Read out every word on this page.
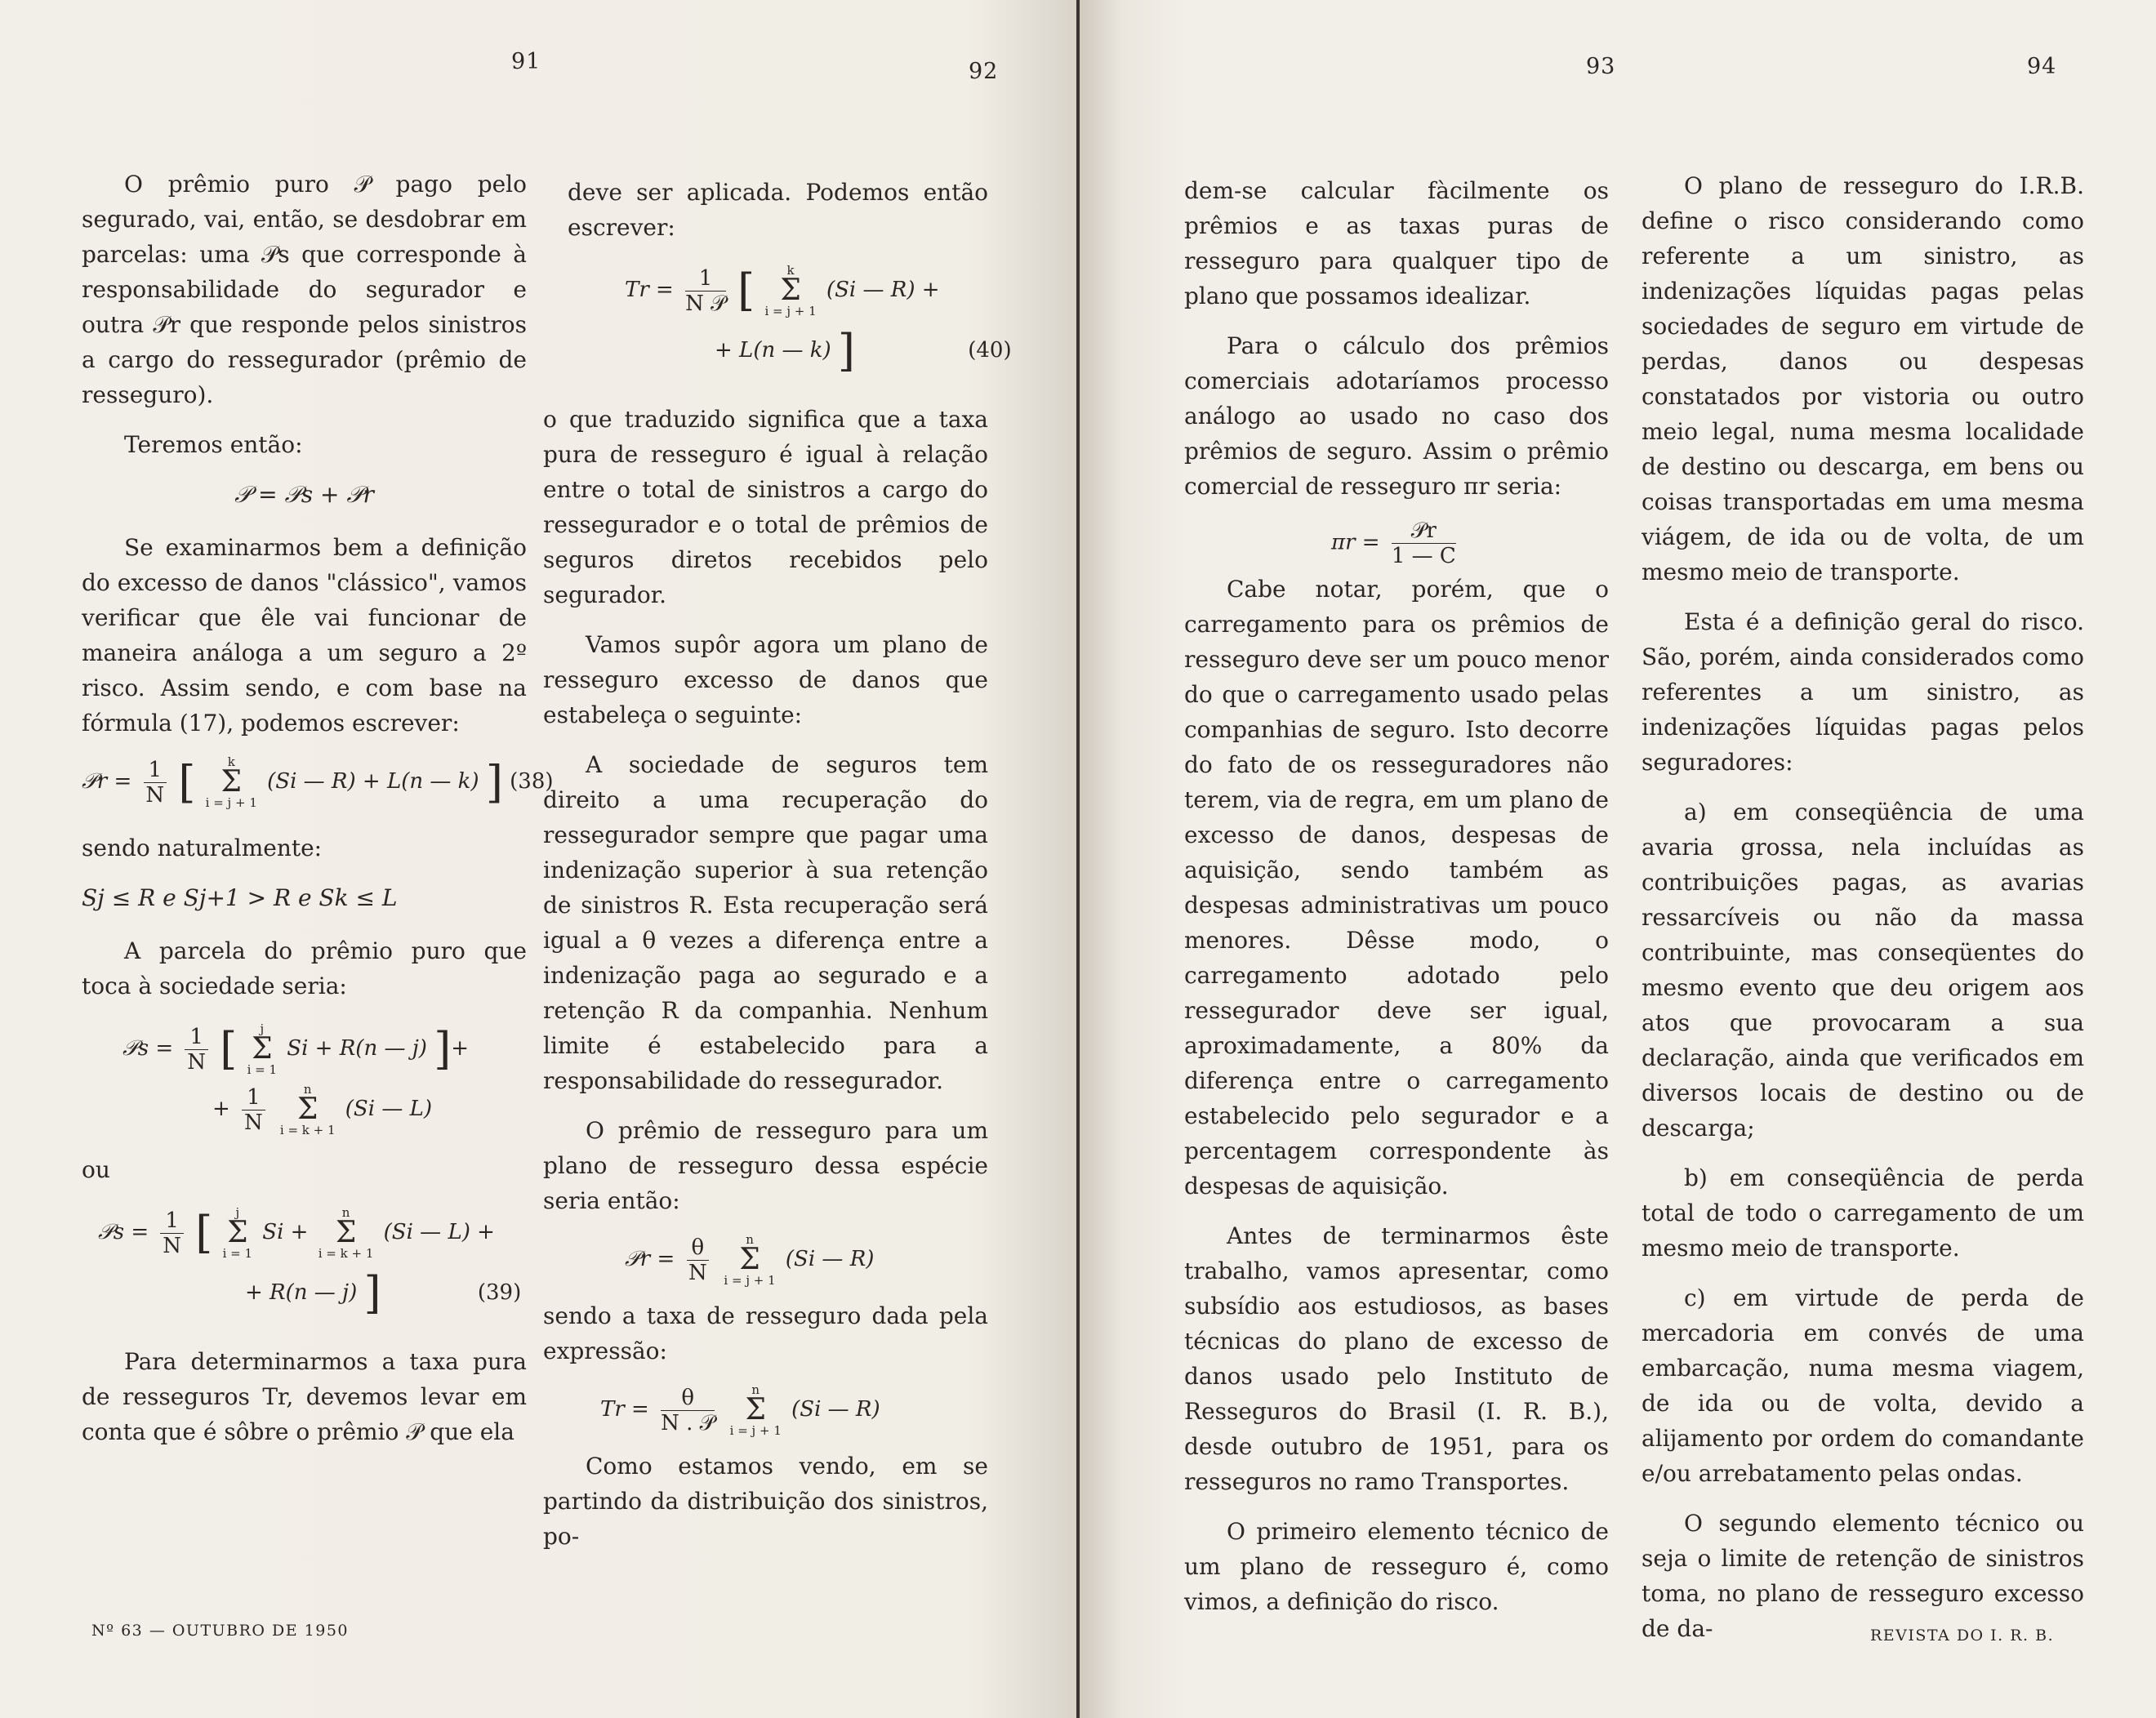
91	92

O prêmio puro 𝒫 pago pelo segurado, vai, então, se desdobrar em parcelas: uma 𝒫s que corresponde à responsabilidade do segurador e outra 𝒫r que responde pelos sinistros a cargo do ressegurador (prêmio de resseguro).

Teremos então:

𝒫 = 𝒫s + 𝒫r

Se examinarmos bem a definição do excesso de danos "clássico", vamos verificar que êle vai funcionar de maneira análoga a um seguro a 2º risco. Assim sendo, e com base na fórmula (17), podemos escrever:

𝒫r = $\frac{1}{N}$ [	k
Σ
i = j + 1 (Si — R) + L(n — k) ] (38)

sendo naturalmente:

Sj ≤ R e Sj+1 > R e Sk ≤ L

A parcela do prêmio puro que toca à sociedade seria:

𝒫s = $\frac{1}{N}$ [ j
Σ
i = 1 Si + R(n — j) ]+
+ $\frac{1}{N}$	n
Σ
i = k + 1 (Si — L)

ou

𝒫s = $\frac{1}{N}$ [ j
Σ
i = 1 Si + n
Σ
i = k + 1 (Si — L) +
+ R(n — j) ]	(39)

Para determinarmos a taxa pura de resseguros Tr, devemos levar em conta que é sôbre o prêmio 𝒫 que ela

deve ser aplicada. Podemos então escrever:

$Tr = \frac{1}{\text{N 𝒫}}$ [	k
Σ
i = j + 1 (Si — R) +
+ L(n — k) ]	(40)

o que traduzido significa que a taxa pura de resseguro é igual à relação entre o total de sinistros a cargo do ressegurador e o total de prêmios de seguros diretos recebidos pelo segurador.

Vamos supôr agora um plano de resseguro excesso de danos que estabeleça o seguinte:

A sociedade de seguros tem direito a uma recuperação do ressegurador sempre que pagar uma indenização superior à sua retenção de sinistros R. Esta recuperação será igual a θ vezes a diferença entre a indenização paga ao segurado e a retenção R da companhia. Nenhum limite é estabelecido para a responsabilidade do ressegurador.

O prêmio de resseguro para um plano de resseguro dessa espécie seria então:

𝒫r = $\frac{\theta}{N}$	n
Σ
i = j + 1 (Si — R)

sendo a taxa de resseguro dada pela expressão:

$Tr = \frac{\theta}{\text{N . 𝒫}}$	n
Σ
i = j + 1 (Si — R)

Como estamos vendo, em se partindo da distribuição dos sinistros, po-

Nº 63 — OUTUBRO DE 1950
93	94

dem-se calcular fàcilmente os prêmios e as taxas puras de resseguro para qualquer tipo de plano que possamos idealizar.

Para o cálculo dos prêmios comerciais adotaríamos processo análogo ao usado no caso dos prêmios de seguro. Assim o prêmio comercial de resseguro πr seria:

$\pi r = \frac{\text{𝒫r}}{1 — C}$

Cabe notar, porém, que o carregamento para os prêmios de resseguro deve ser um pouco menor do que o carregamento usado pelas companhias de seguro. Isto decorre do fato de os resseguradores não terem, via de regra, em um plano de excesso de danos, despesas de aquisição, sendo também as despesas administrativas um pouco menores. Dêsse modo, o carregamento adotado pelo ressegurador deve ser igual, aproximadamente, a 80% da diferença entre o carregamento estabelecido pelo segurador e a percentagem correspondente às despesas de aquisição.

Antes de terminarmos êste trabalho, vamos apresentar, como subsídio aos estudiosos, as bases técnicas do plano de excesso de danos usado pelo Instituto de Resseguros do Brasil (I. R. B.), desde outubro de 1951, para os resseguros no ramo Transportes.

O primeiro elemento técnico de um plano de resseguro é, como vimos, a definição do risco.

O plano de resseguro do I.R.B. define o risco considerando como referente a um sinistro, as indenizações líquidas pagas pelas sociedades de seguro em virtude de perdas, danos ou despesas constatados por vistoria ou outro meio legal, numa mesma localidade de destino ou descarga, em bens ou coisas transportadas em uma mesma viágem, de ida ou de volta, de um mesmo meio de transporte.

Esta é a definição geral do risco. São, porém, ainda considerados como referentes a um sinistro, as indenizações líquidas pagas pelos seguradores:

a) em conseqüência de uma avaria grossa, nela incluídas as contribuições pagas, as avarias ressarcíveis ou não da massa contribuinte, mas conseqüentes do mesmo evento que deu origem aos atos que provocaram a sua declaração, ainda que verificados em diversos locais de destino ou de descarga;

b) em conseqüência de perda total de todo o carregamento de um mesmo meio de transporte.

c) em virtude de perda de mercadoria em convés de uma embarcação, numa mesma viagem, de ida ou de volta, devido a alijamento por ordem do comandante e/ou arrebatamento pelas ondas.

O segundo elemento técnico ou seja o limite de retenção de sinistros toma, no plano de resseguro excesso de da-	REVISTA DO I. R. B.
